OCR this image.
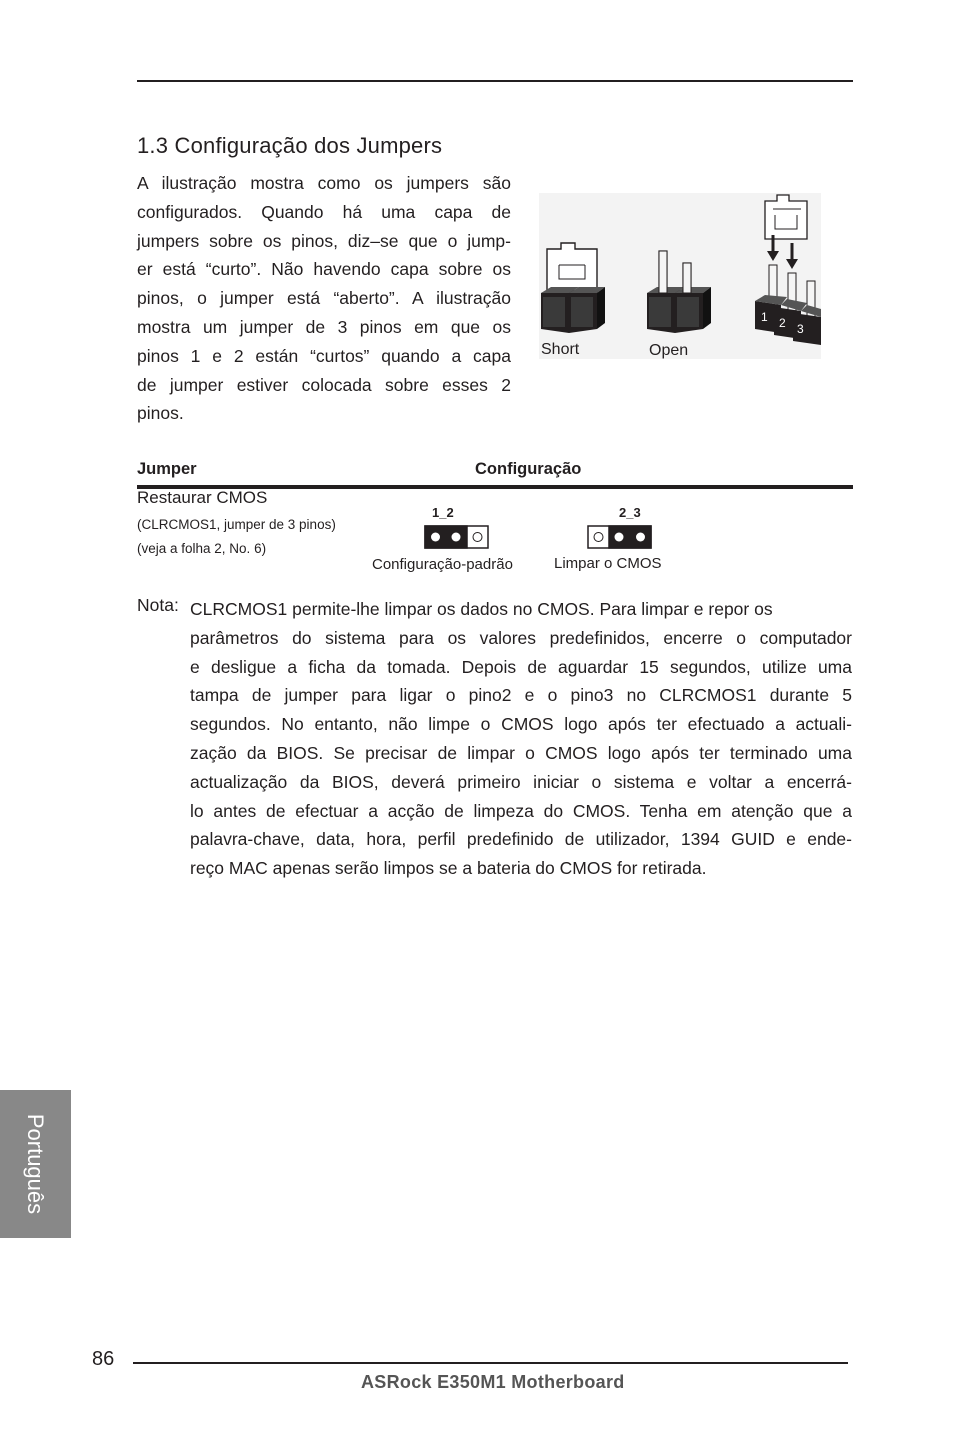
1.3 Configuração dos Jumpers
A ilustração mostra como os jumpers são
configurados. Quando há uma capa de
jumpers sobre os pinos, diz–se que o jump-
er está “curto”. Não havendo capa sobre os
pinos, o jumper está “aberto”. A ilustração
mostra um jumper de 3 pinos em que os
pinos 1 e 2 están “curtos” quando a capa
de jumper estiver colocada sobre esses 2
pinos.
1 2 3
Short	Open
Jumper	Configuração
Restaurar CMOS
(CLRCMOS1, jumper de 3 pinos)
(veja a folha 2, No. 6)
1_2
Configuração-padrão
2_3
Limpar o CMOS
Nota: CLRCMOS1 permite-lhe limpar os dados no CMOS. Para limpar e repor os
parâmetros do sistema para os valores predefinidos, encerre o computador
e desligue a ficha da tomada. Depois de aguardar 15 segundos, utilize uma
tampa de jumper para ligar o pino2 e o pino3 no CLRCMOS1 durante 5
segundos. No entanto, não limpe o CMOS logo após ter efectuado a actuali-
zação da BIOS. Se precisar de limpar o CMOS logo após ter terminado uma
actualização da BIOS, deverá primeiro iniciar o sistema e voltar a encerrá-
lo antes de efectuar a acção de limpeza do CMOS. Tenha em atenção que a
palavra-chave, data, hora, perfil predefinido de utilizador, 1394 GUID e ende-
reço MAC apenas serão limpos se a bateria do CMOS for retirada.
Português
86
ASRock E350M1 Motherboard
